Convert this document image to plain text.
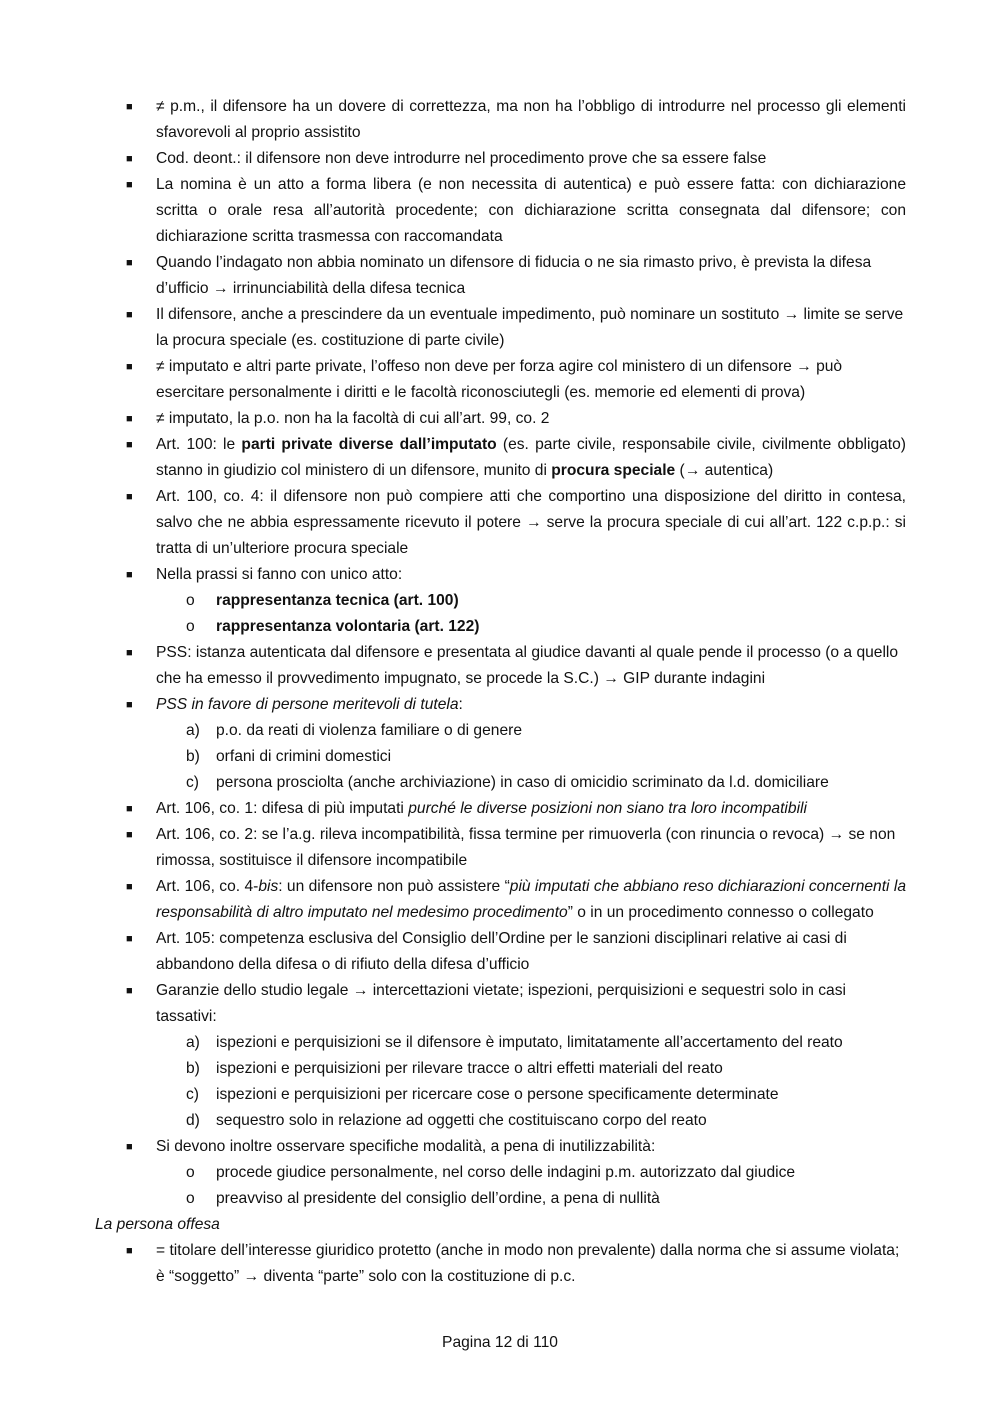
■ ≠ p.m., il difensore ha un dovere di correttezza, ma non ha l’obbligo di introdurre nel processo gli elementi sfavorevoli al proprio assistito
■ Cod. deont.: il difensore non deve introdurre nel procedimento prove che sa essere false
■ La nomina è un atto a forma libera (e non necessita di autentica) e può essere fatta: con dichiarazione scritta o orale resa all’autorità procedente; con dichiarazione scritta consegnata dal difensore; con dichiarazione scritta trasmessa con raccomandata
■ Quando l’indagato non abbia nominato un difensore di fiducia o ne sia rimasto privo, è prevista la difesa d’ufficio → irrinunciabilità della difesa tecnica
■ Il difensore, anche a prescindere da un eventuale impedimento, può nominare un sostituto → limite se serve la procura speciale (es. costituzione di parte civile)
■ ≠ imputato e altri parte private, l’offeso non deve per forza agire col ministero di un difensore → può esercitare personalmente i diritti e le facoltà riconosciutegli (es. memorie ed elementi di prova)
■ ≠ imputato, la p.o. non ha la facoltà di cui all’art. 99, co. 2
■ Art. 100: le parti private diverse dall’imputato (es. parte civile, responsabile civile, civilmente obbligato) stanno in giudizio col ministero di un difensore, munito di procura speciale (→ autentica)
■ Art. 100, co. 4: il difensore non può compiere atti che comportino una disposizione del diritto in contesa, salvo che ne abbia espressamente ricevuto il potere → serve la procura speciale di cui all’art. 122 c.p.p.: si tratta di un’ulteriore procura speciale
■ Nella prassi si fanno con unico atto:
o rappresentanza tecnica (art. 100)
o rappresentanza volontaria (art. 122)
■ PSS: istanza autenticata dal difensore e presentata al giudice davanti al quale pende il processo (o a quello che ha emesso il provvedimento impugnato, se procede la S.C.) → GIP durante indagini
■ PSS in favore di persone meritevoli di tutela:
a) p.o. da reati di violenza familiare o di genere
b) orfani di crimini domestici
c) persona prosciolta (anche archiviazione) in caso di omicidio scriminato da l.d. domiciliare
■ Art. 106, co. 1: difesa di più imputati purché le diverse posizioni non siano tra loro incompatibili
■ Art. 106, co. 2: se l’a.g. rileva incompatibilità, fissa termine per rimuoverla (con rinuncia o revoca) → se non rimossa, sostituisce il difensore incompatibile
■ Art. 106, co. 4-bis: un difensore non può assistere “più imputati che abbiano reso dichiarazioni concernenti la responsabilità di altro imputato nel medesimo procedimento” o in un procedimento connesso o collegato
■ Art. 105: competenza esclusiva del Consiglio dell’Ordine per le sanzioni disciplinari relative ai casi di abbandono della difesa o di rifiuto della difesa d’ufficio
■ Garanzie dello studio legale → intercettazioni vietate; ispezioni, perquisizioni e sequestri solo in casi tassativi:
a) ispezioni e perquisizioni se il difensore è imputato, limitatamente all’accertamento del reato
b) ispezioni e perquisizioni per rilevare tracce o altri effetti materiali del reato
c) ispezioni e perquisizioni per ricercare cose o persone specificamente determinate
d) sequestro solo in relazione ad oggetti che costituiscano corpo del reato
■ Si devono inoltre osservare specifiche modalità, a pena di inutilizzabilità:
o procede giudice personalmente, nel corso delle indagini p.m. autorizzato dal giudice
o preavviso al presidente del consiglio dell’ordine, a pena di nullità
La persona offesa
■ = titolare dell’interesse giuridico protetto (anche in modo non prevalente) dalla norma che si assume violata; è “soggetto” → diventa “parte” solo con la costituzione di p.c.
Pagina 12 di 110
